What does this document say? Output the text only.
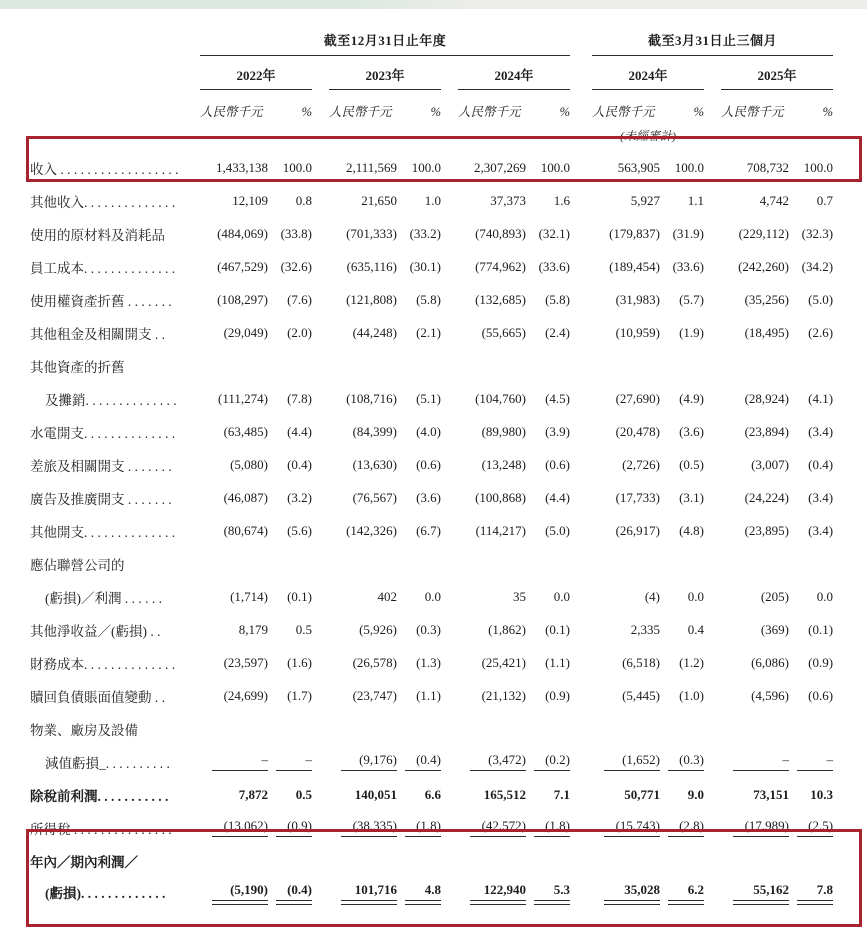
	截至12月31日止年度									截至3月31日止三個月				
	2022年			2023年			2024年			2024年			2025年	
	人民幣千元	%		人民幣千元	%		人民幣千元	%		人民幣千元	%		人民幣千元	%
										(未經審計)				
收入 . . . . . . . . . . . . . . . . . .	1,433,138	100.0		2,111,569	100.0		2,307,269	100.0		563,905	100.0		708,732	100.0
其他收入. . . . . . . . . . . . . .	12,109	0.8		21,650	1.0		37,373	1.6		5,927	1.1		4,742	0.7
使用的原材料及消耗品	(484,069)	(33.8)		(701,333)	(33.2)		(740,893)	(32.1)		(179,837)	(31.9)		(229,112)	(32.3)
員工成本. . . . . . . . . . . . . .	(467,529)	(32.6)		(635,116)	(30.1)		(774,962)	(33.6)		(189,454)	(33.6)		(242,260)	(34.2)
使用權資產折舊 . . . . . . .	(108,297)	(7.6)		(121,808)	(5.8)		(132,685)	(5.8)		(31,983)	(5.7)		(35,256)	(5.0)
其他租金及相關開支 . .	(29,049)	(2.0)		(44,248)	(2.1)		(55,665)	(2.4)		(10,959)	(1.9)		(18,495)	(2.6)
其他資產的折舊														
及攤銷. . . . . . . . . . . . . .	(111,274)	(7.8)		(108,716)	(5.1)		(104,760)	(4.5)		(27,690)	(4.9)		(28,924)	(4.1)
水電開支. . . . . . . . . . . . . .	(63,485)	(4.4)		(84,399)	(4.0)		(89,980)	(3.9)		(20,478)	(3.6)		(23,894)	(3.4)
差旅及相關開支 . . . . . . .	(5,080)	(0.4)		(13,630)	(0.6)		(13,248)	(0.6)		(2,726)	(0.5)		(3,007)	(0.4)
廣告及推廣開支 . . . . . . .	(46,087)	(3.2)		(76,567)	(3.6)		(100,868)	(4.4)		(17,733)	(3.1)		(24,224)	(3.4)
其他開支. . . . . . . . . . . . . .	(80,674)	(5.6)		(142,326)	(6.7)		(114,217)	(5.0)		(26,917)	(4.8)		(23,895)	(3.4)
應佔聯營公司的														
(虧損)／利潤 . . . . . .	(1,714)	(0.1)		402	0.0		35	0.0		(4)	0.0		(205)	0.0
其他淨收益／(虧損) . .	8,179	0.5		(5,926)	(0.3)		(1,862)	(0.1)		2,335	0.4		(369)	(0.1)
財務成本. . . . . . . . . . . . . .	(23,597)	(1.6)		(26,578)	(1.3)		(25,421)	(1.1)		(6,518)	(1.2)		(6,086)	(0.9)
贖回負債賬面值變動 . .	(24,699)	(1.7)		(23,747)	(1.1)		(21,132)	(0.9)		(5,445)	(1.0)		(4,596)	(0.6)
物業、廠房及設備														
減值虧損_. . . . . . . . . .	–	–		(9,176)	(0.4)		(3,472)	(0.2)		(1,652)	(0.3)		–	–
除稅前利潤. . . . . . . . . . .	7,872	0.5		140,051	6.6		165,512	7.1		50,771	9.0		73,151	10.3
所得稅 . . . . . . . . . . . . . . .	(13,062)	(0.9)		(38,335)	(1.8)		(42,572)	(1.8)		(15,743)	(2.8)		(17,989)	(2.5)
年內／期內利潤／														
(虧損). . . . . . . . . . . . .	(5,190)	(0.4)		101,716	4.8		122,940	5.3		35,028	6.2		55,162	7.8
